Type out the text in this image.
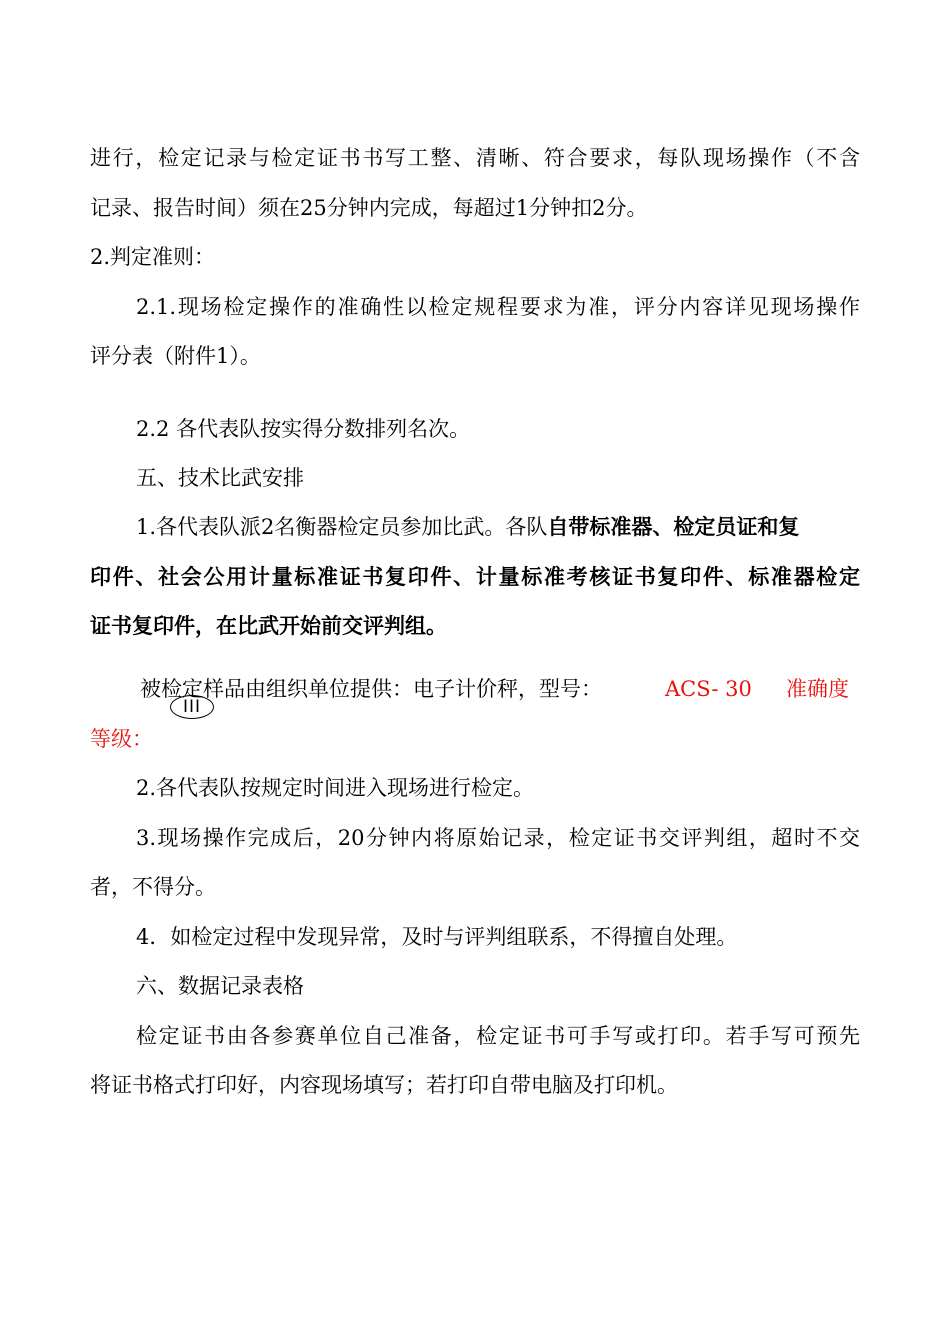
进行，检定记录与检定证书书写工整、清晰、符合要求，每队现场操作（不含
记录、报告时间）须在25分钟内完成，每超过1分钟扣2分。
2.判定准则：
2.1.现场检定操作的准确性以检定规程要求为准，评分内容详见现场操作
评分表（附件1）。
2.2 各代表队按实得分数排列名次。
五、技术比武安排
1.各代表队派2名衡器检定员参加比武。各队自带标准器、检定员证和复
印件、社会公用计量标准证书复印件、计量标准考核证书复印件、标准器检定
证书复印件，在比武开始前交评判组。
被检定样品由组织单位提供：电子计价秤，型号：	ACS- 30 准确度
III
等级：
2.各代表队按规定时间进入现场进行检定。
3.现场操作完成后，20分钟内将原始记录，检定证书交评判组，超时不交
者，不得分。
4．如检定过程中发现异常，及时与评判组联系，不得擅自处理。
六、数据记录表格
检定证书由各参赛单位自己准备，检定证书可手写或打印。若手写可预先
将证书格式打印好，内容现场填写；若打印自带电脑及打印机。
